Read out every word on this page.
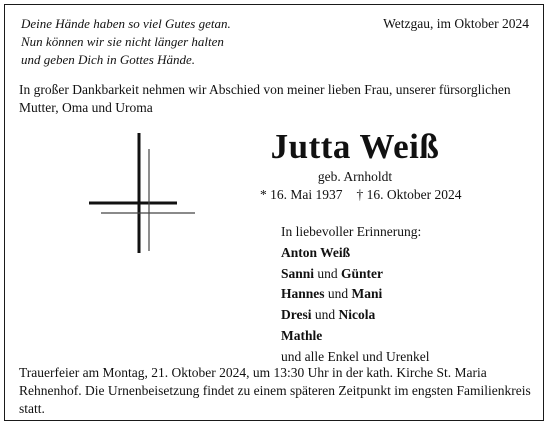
Deine Hände haben so viel Gutes getan.
Nun können wir sie nicht länger halten
und geben Dich in Gottes Hände.
Wetzgau, im Oktober 2024
In großer Dankbarkeit nehmen wir Abschied von meiner lieben Frau, unserer fürsorglichen Mutter, Oma und Uroma
Jutta Weiß
geb. Arnholdt
* 16. Mai 1937 † 16. Oktober 2024
In liebevoller Erinnerung:
Anton Weiß
Sanni und Günter
Hannes und Mani
Dresi und Nicola
Mathle
und alle Enkel und Urenkel
Trauerfeier am Montag, 21. Oktober 2024, um 13:30 Uhr in der kath. Kirche St. Maria Rehnenhof. Die Urnenbeisetzung findet zu einem späteren Zeitpunkt im engsten Familienkreis statt.
